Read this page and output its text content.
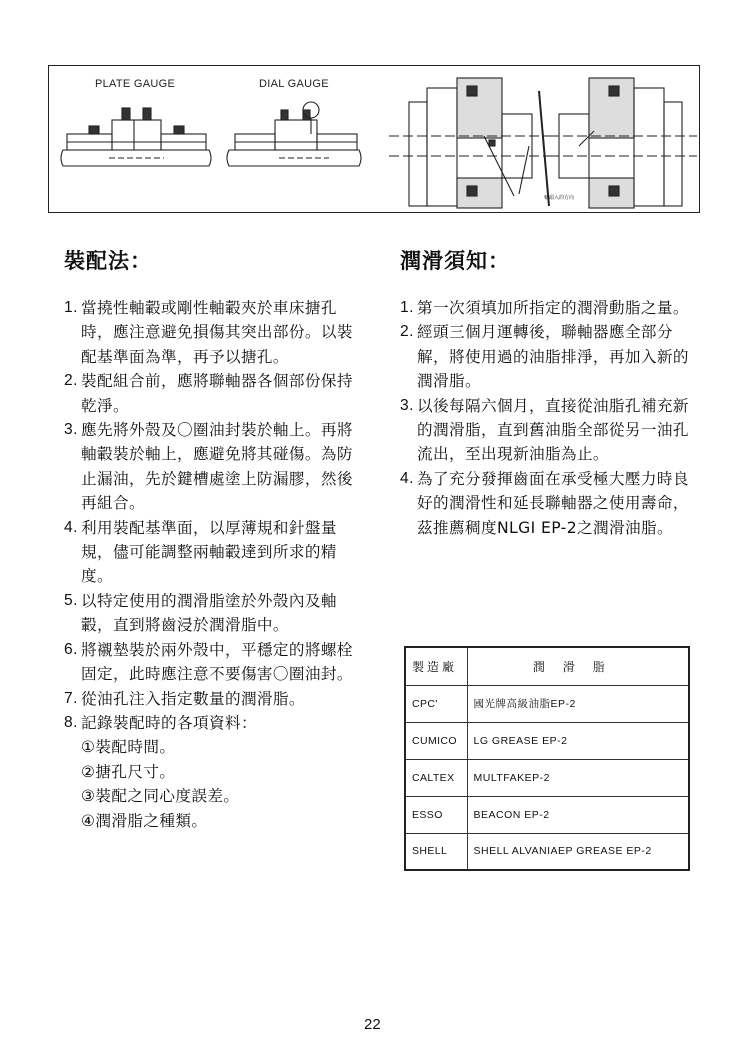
PLATE GAUGE	DIAL GAUGE
軸頭入的方向
裝配法：	潤滑須知：
1. 當撓性軸轂或剛性軸轂夾於車床搪孔時，應注意避免損傷其突出部份。以裝配基準面為準，再予以搪孔。
2. 裝配組合前，應將聯軸器各個部份保持乾淨。
3. 應先將外殼及〇圈油封裝於軸上。再將軸轂裝於軸上，應避免將其碰傷。為防止漏油，先於鍵槽處塗上防漏膠，然後再組合。
4. 利用裝配基準面，以厚薄規和針盤量規，儘可能調整兩軸轂達到所求的精度。
5. 以特定使用的潤滑脂塗於外殼內及軸轂，直到將齒浸於潤滑脂中。
6. 將襯墊裝於兩外殼中，平穩定的將螺栓固定，此時應注意不要傷害〇圈油封。
7. 從油孔注入指定數量的潤滑脂。
8. 記錄裝配時的各項資料：
①裝配時間。
②搪孔尺寸。
③裝配之同心度誤差。
④潤滑脂之種類。
1. 第一次須填加所指定的潤滑動脂之量。
2. 經頭三個月運轉後，聯軸器應全部分解，將使用過的油脂排淨，再加入新的潤滑脂。
3. 以後每隔六個月，直接從油脂孔補充新的潤滑脂，直到舊油脂全部從另一油孔流出，至出現新油脂為止。
4. 為了充分發揮齒面在承受極大壓力時良好的潤滑性和延長聯軸器之使用壽命，茲推薦稠度NLGI EP-2之潤滑油脂。
製造廠	潤滑脂
CPC'	國光牌高級油脂EP-2
CUMICO	LG GREASE EP-2
CALTEX	MULTFAKEP-2
ESSO	BEACON EP-2
SHELL	SHELL ALVANIAEP GREASE EP-2
22
